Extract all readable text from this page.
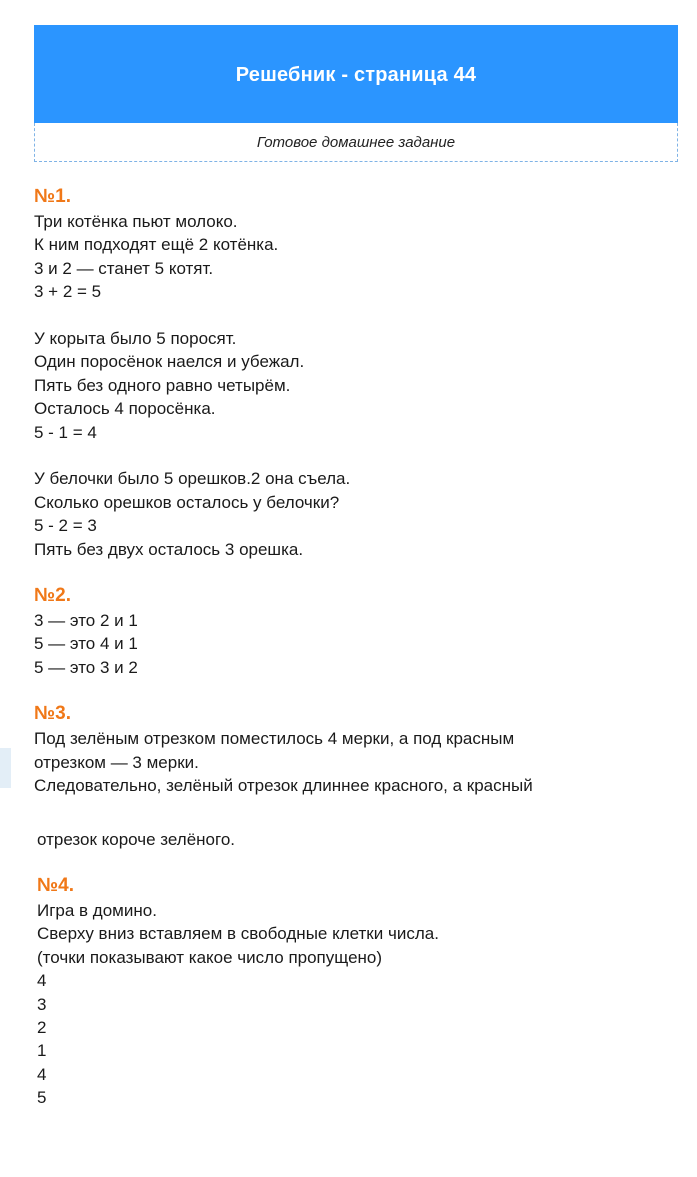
Решебник - страница 44
Готовое домашнее задание
№1.
Три котёнка пьют молоко.
К ним подходят ещё 2 котёнка.
3 и 2 — станет 5 котят.
3 + 2 = 5
У корыта было 5 поросят.
Один поросёнок наелся и убежал.
Пять без одного равно четырём.
Осталось 4 поросёнка.
5 - 1 = 4
У белочки было 5 орешков.2 она съела.
Сколько орешков осталось у белочки?
5 - 2 = 3
Пять без двух осталось 3 орешка.
№2.
3 — это 2 и 1
5 — это 4 и 1
5 — это 3 и 2
№3.
Под зелёным отрезком поместилось 4 мерки, а под красным
отрезком — 3 мерки.
Следовательно, зелёный отрезок длиннее красного, а красный
отрезок короче зелёного.
№4.
Игра в домино.
Сверху вниз вставляем в свободные клетки числа.
(точки показывают какое число пропущено)
4
3
2
1
4
5
